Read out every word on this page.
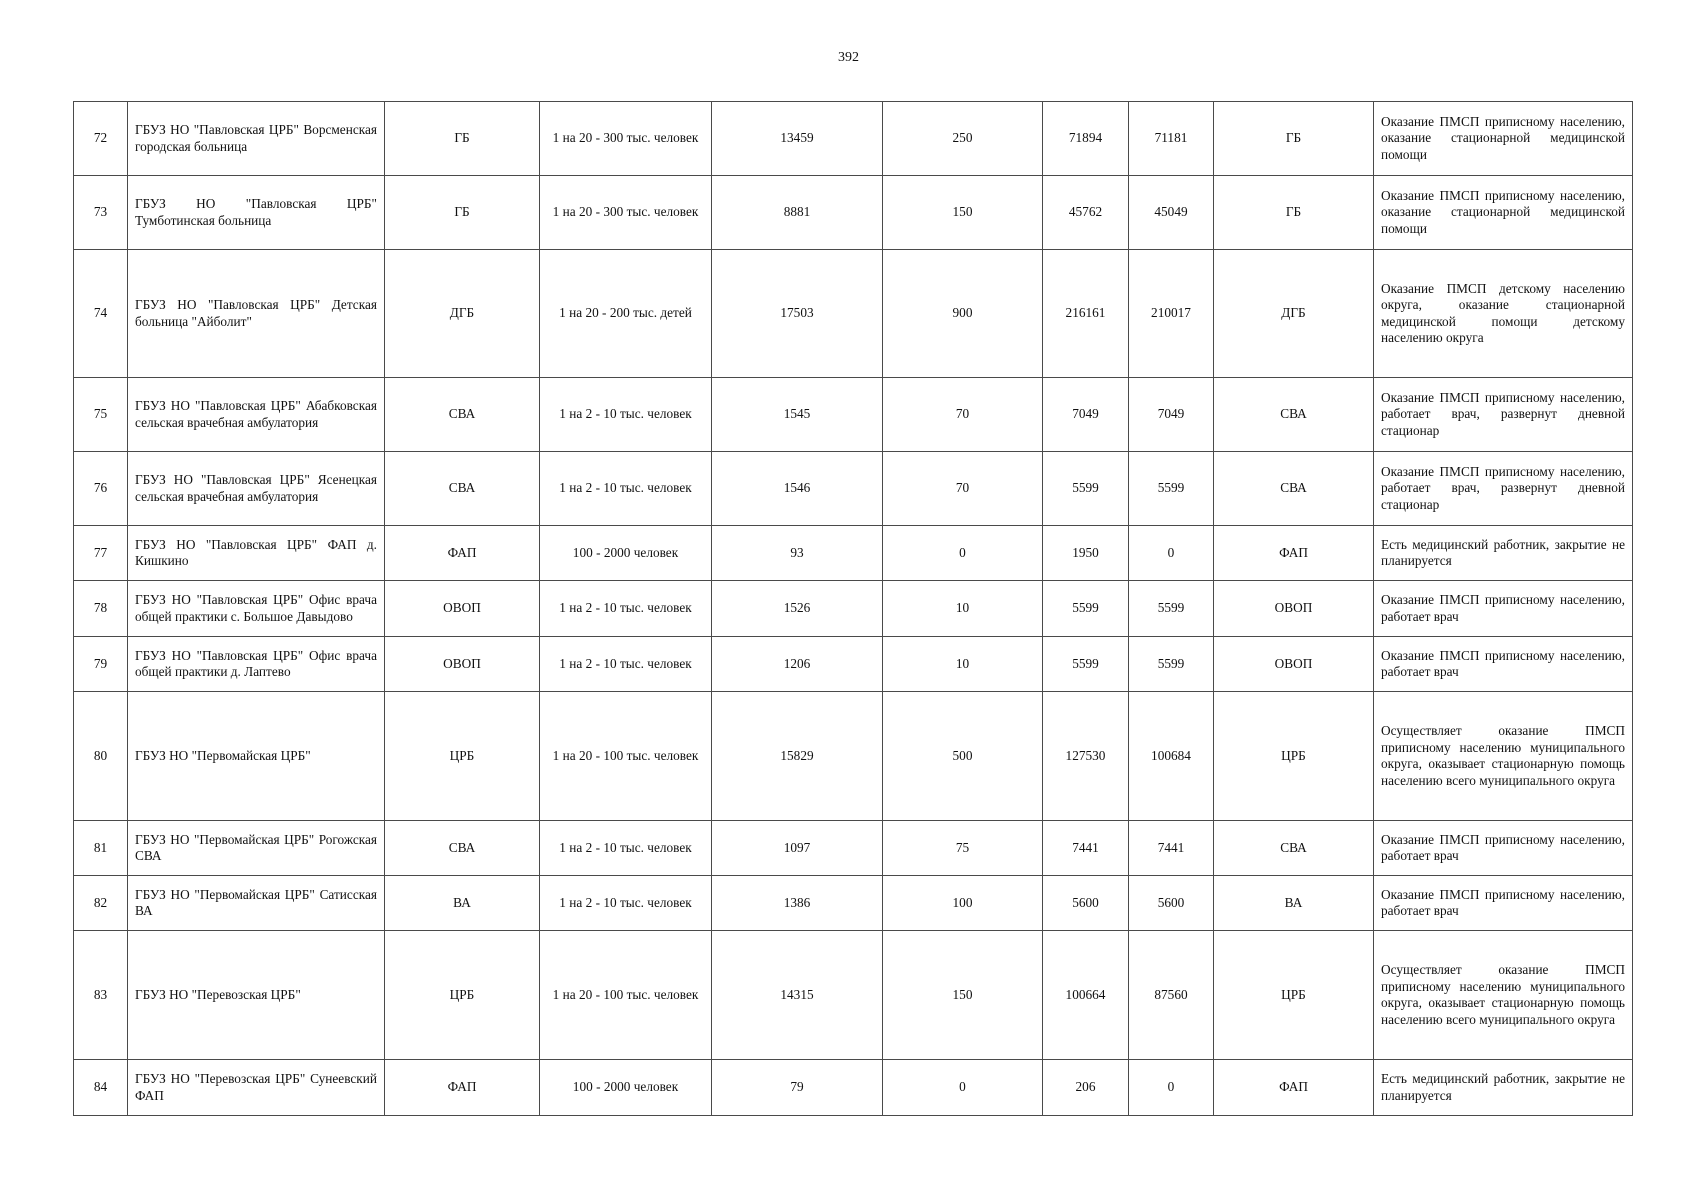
392
72	ГБУЗ НО "Павловская ЦРБ" Ворсменская городская больница	ГБ	1 на 20 - 300 тыс. человек	13459	250	71894	71181	ГБ	Оказание ПМСП приписному населению, оказание стационарной медицинской помощи
73	ГБУЗ НО "Павловская ЦРБ" Тумботинская больница	ГБ	1 на 20 - 300 тыс. человек	8881	150	45762	45049	ГБ	Оказание ПМСП приписному населению, оказание стационарной медицинской помощи
74	ГБУЗ НО "Павловская ЦРБ" Детская больница "Айболит"	ДГБ	1 на 20 - 200 тыс. детей	17503	900	216161	210017	ДГБ	Оказание ПМСП детскому населению округа, оказание стационарной медицинской помощи детскому населению округа
75	ГБУЗ НО "Павловская ЦРБ" Абабковская сельская врачебная амбулатория	СВА	1 на 2 - 10 тыс. человек	1545	70	7049	7049	СВА	Оказание ПМСП приписному населению, работает врач, развернут дневной стационар
76	ГБУЗ НО "Павловская ЦРБ" Ясенецкая сельская врачебная амбулатория	СВА	1 на 2 - 10 тыс. человек	1546	70	5599	5599	СВА	Оказание ПМСП приписному населению, работает врач, развернут дневной стационар
77	ГБУЗ НО "Павловская ЦРБ" ФАП д. Кишкино	ФАП	100 - 2000 человек	93	0	1950	0	ФАП	Есть медицинский работник, закрытие не планируется
78	ГБУЗ НО "Павловская ЦРБ" Офис врача общей практики с. Большое Давыдово	ОВОП	1 на 2 - 10 тыс. человек	1526	10	5599	5599	ОВОП	Оказание ПМСП приписному населению, работает врач
79	ГБУЗ НО "Павловская ЦРБ" Офис врача общей практики д. Лаптево	ОВОП	1 на 2 - 10 тыс. человек	1206	10	5599	5599	ОВОП	Оказание ПМСП приписному населению, работает врач
80	ГБУЗ НО "Первомайская ЦРБ"	ЦРБ	1 на 20 - 100 тыс. человек	15829	500	127530	100684	ЦРБ	Осуществляет оказание ПМСП приписному населению муниципального округа, оказывает стационарную помощь населению всего муниципального округа
81	ГБУЗ НО "Первомайская ЦРБ" Рогожская СВА	СВА	1 на 2 - 10 тыс. человек	1097	75	7441	7441	СВА	Оказание ПМСП приписному населению, работает врач
82	ГБУЗ НО "Первомайская ЦРБ" Сатисская ВА	ВА	1 на 2 - 10 тыс. человек	1386	100	5600	5600	ВА	Оказание ПМСП приписному населению, работает врач
83	ГБУЗ НО "Перевозская ЦРБ"	ЦРБ	1 на 20 - 100 тыс. человек	14315	150	100664	87560	ЦРБ	Осуществляет оказание ПМСП приписному населению муниципального округа, оказывает стационарную помощь населению всего муниципального округа
84	ГБУЗ НО "Перевозская ЦРБ" Сунеевский ФАП	ФАП	100 - 2000 человек	79	0	206	0	ФАП	Есть медицинский работник, закрытие не планируется
